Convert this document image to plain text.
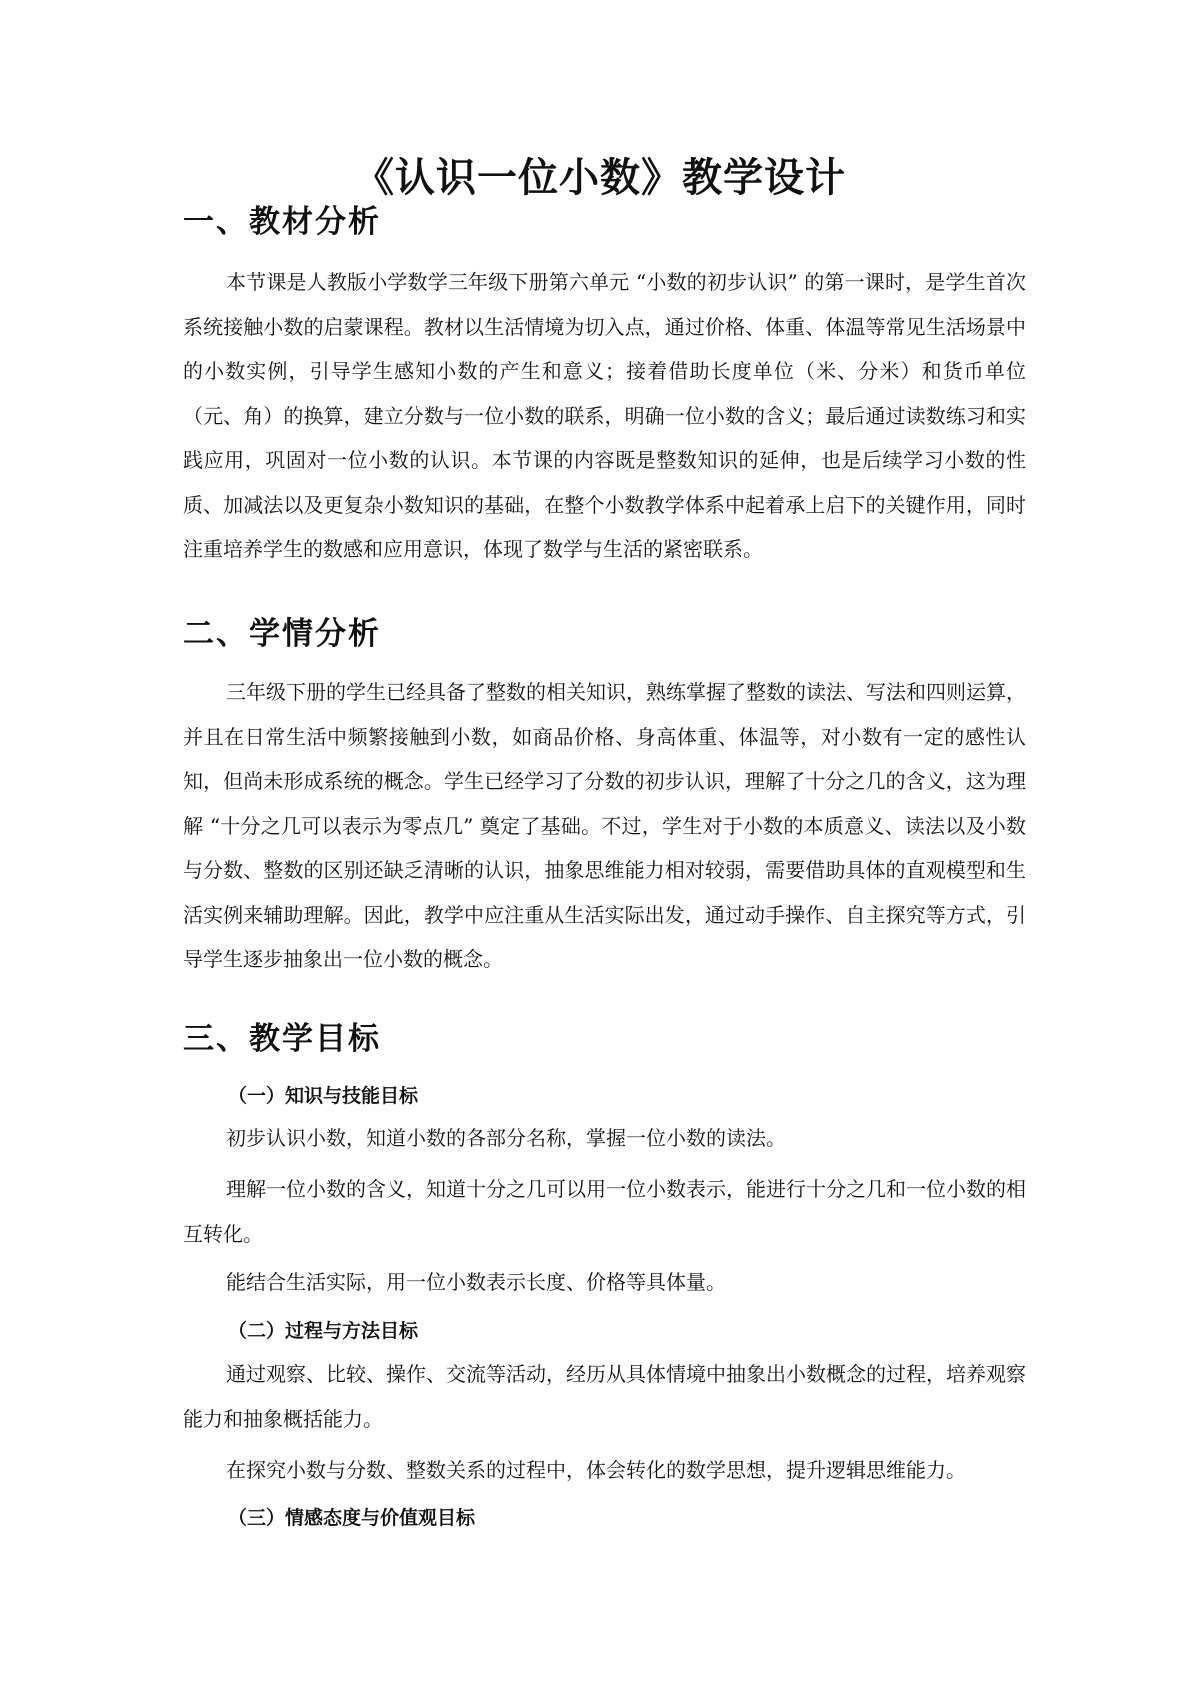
《认识一位小数》教学设计
一、教材分析

本节课是人教版小学数学三年级下册第六单元 “小数的初步认识” 的第一课时，是学生首次系统接触小数的启蒙课程。教材以生活情境为切入点，通过价格、体重、体温等常见生活场景中的小数实例，引导学生感知小数的产生和意义；接着借助长度单位（米、分米）和货币单位（元、角）的换算，建立分数与一位小数的联系，明确一位小数的含义；最后通过读数练习和实践应用，巩固对一位小数的认识。本节课的内容既是整数知识的延伸，也是后续学习小数的性质、加减法以及更复杂小数知识的基础，在整个小数教学体系中起着承上启下的关键作用，同时注重培养学生的数感和应用意识，体现了数学与生活的紧密联系。

二、学情分析

三年级下册的学生已经具备了整数的相关知识，熟练掌握了整数的读法、写法和四则运算，并且在日常生活中频繁接触到小数，如商品价格、身高体重、体温等，对小数有一定的感性认知，但尚未形成系统的概念。学生已经学习了分数的初步认识，理解了十分之几的含义，这为理解 “十分之几可以表示为零点几” 奠定了基础。不过，学生对于小数的本质意义、读法以及小数与分数、整数的区别还缺乏清晰的认识，抽象思维能力相对较弱，需要借助具体的直观模型和生活实例来辅助理解。因此，教学中应注重从生活实际出发，通过动手操作、自主探究等方式，引导学生逐步抽象出一位小数的概念。

三、教学目标
（一）知识与技能目标

初步认识小数，知道小数的各部分名称，掌握一位小数的读法。

理解一位小数的含义，知道十分之几可以用一位小数表示，能进行十分之几和一位小数的相互转化。

能结合生活实际，用一位小数表示长度、价格等具体量。

（二）过程与方法目标

通过观察、比较、操作、交流等活动，经历从具体情境中抽象出小数概念的过程，培养观察能力和抽象概括能力。

在探究小数与分数、整数关系的过程中，体会转化的数学思想，提升逻辑思维能力。

（三）情感态度与价值观目标
